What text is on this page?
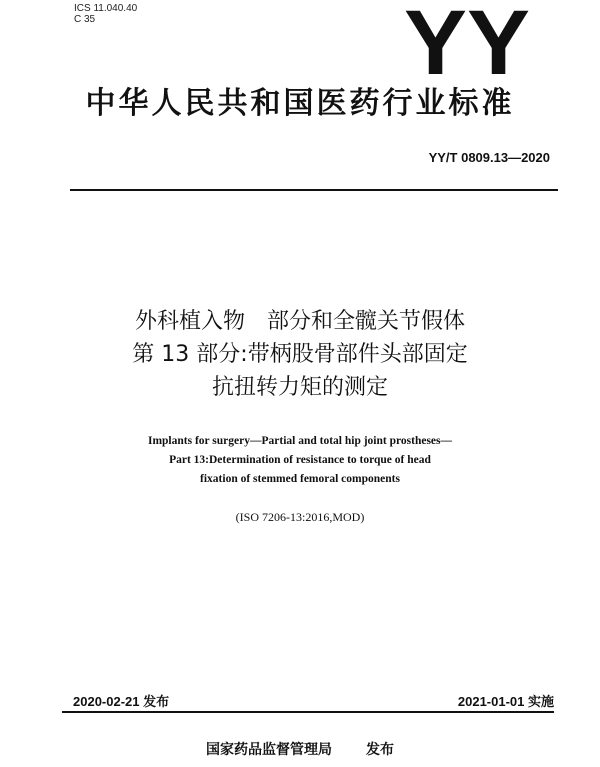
ICS 11.040.40
C 35	YY
中华人民共和国医药行业标准
YY/T 0809.13—2020
外科植入物　部分和全髋关节假体
第 13 部分:带柄股骨部件头部固定
抗扭转力矩的测定
Implants for surgery—Partial and total hip joint prostheses—
Part 13:Determination of resistance to torque of head
fixation of stemmed femoral components
(ISO 7206-13:2016,MOD)
2020-02-21 发布	2021-01-01 实施
国家药品监督管理局 发布
